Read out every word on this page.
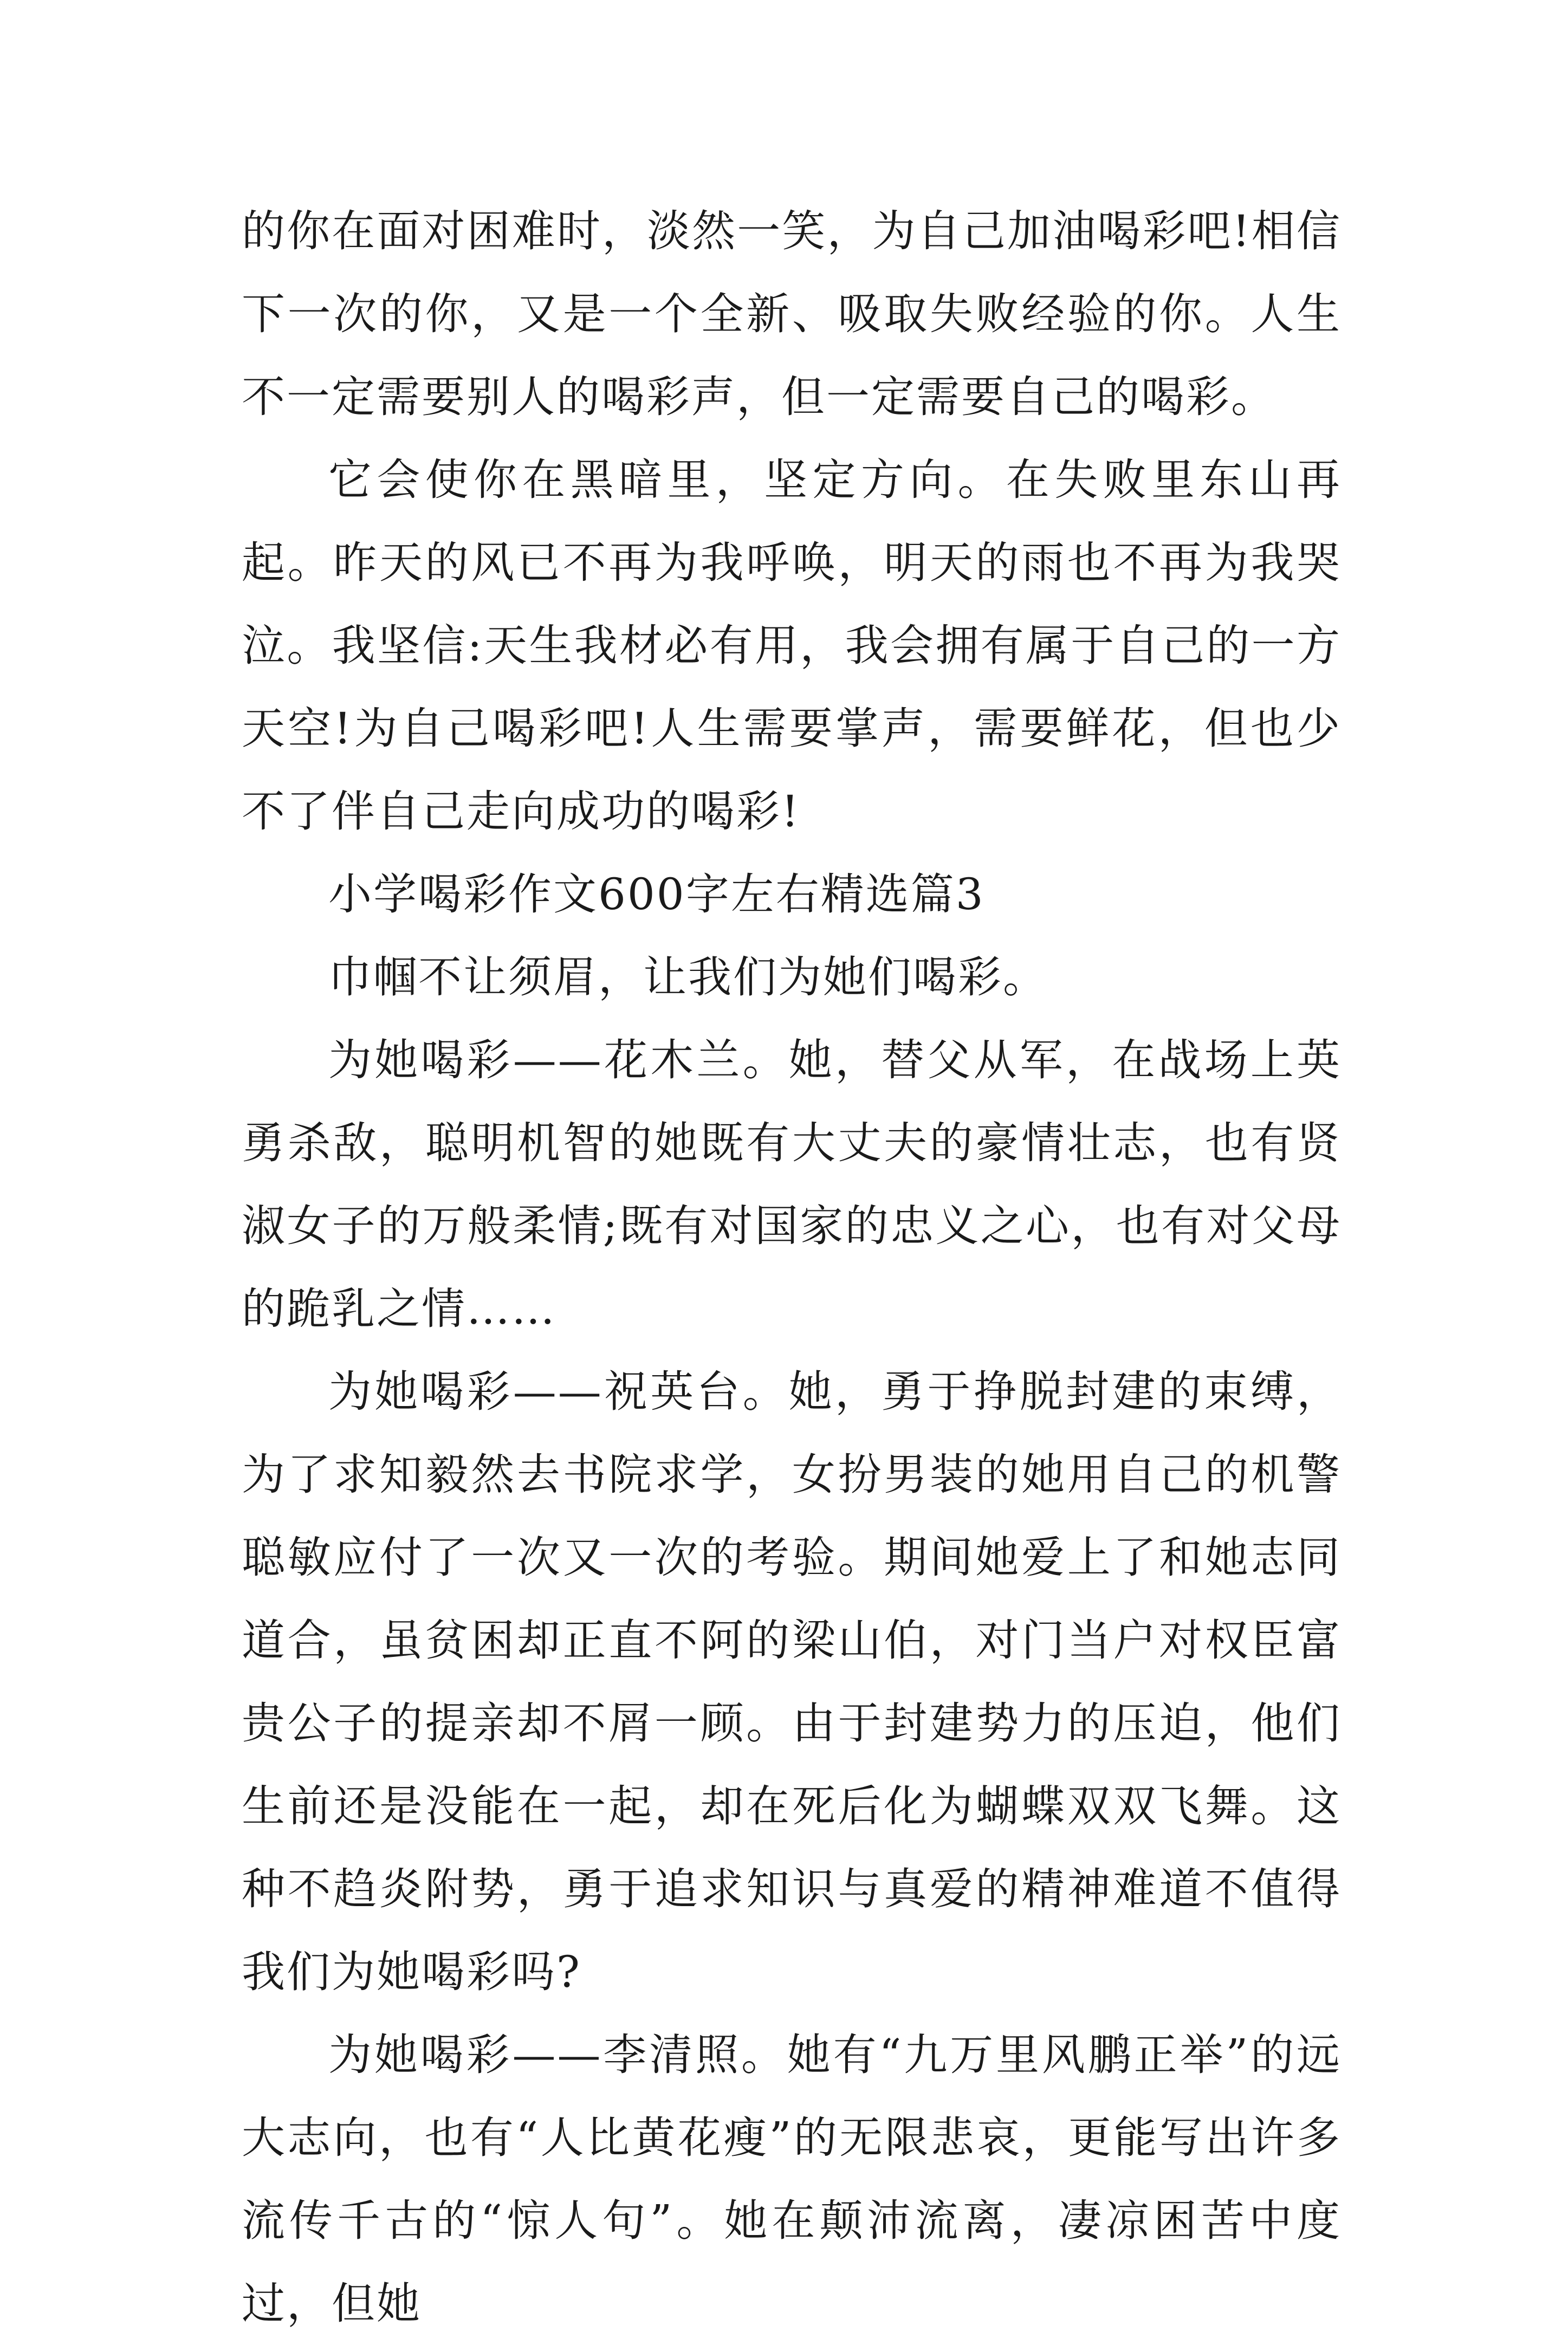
的你在面对困难时，淡然一笑，为自己加油喝彩吧!相信下一次的你，又是一个全新、吸取失败经验的你。人生不一定需要别人的喝彩声，但一定需要自己的喝彩。

它会使你在黑暗里，坚定方向。在失败里东山再起。昨天的风已不再为我呼唤，明天的雨也不再为我哭泣。我坚信:天生我材必有用，我会拥有属于自己的一方天空!为自己喝彩吧!人生需要掌声，需要鲜花，但也少不了伴自己走向成功的喝彩!

小学喝彩作文600字左右精选篇3

巾帼不让须眉，让我们为她们喝彩。

为她喝彩——花木兰。她，替父从军，在战场上英勇杀敌，聪明机智的她既有大丈夫的豪情壮志，也有贤淑女子的万般柔情;既有对国家的忠义之心，也有对父母的跪乳之情……

为她喝彩——祝英台。她，勇于挣脱封建的束缚，为了求知毅然去书院求学，女扮男装的她用自己的机警聪敏应付了一次又一次的考验。期间她爱上了和她志同道合，虽贫困却正直不阿的梁山伯，对门当户对权臣富贵公子的提亲却不屑一顾。由于封建势力的压迫，他们生前还是没能在一起，却在死后化为蝴蝶双双飞舞。这种不趋炎附势，勇于追求知识与真爱的精神难道不值得我们为她喝彩吗?

为她喝彩——李清照。她有“九万里风鹏正举”的远大志向，也有“人比黄花瘦”的无限悲哀，更能写出许多流传千古的“惊人句”。她在颠沛流离，凄凉困苦中度过，但她
